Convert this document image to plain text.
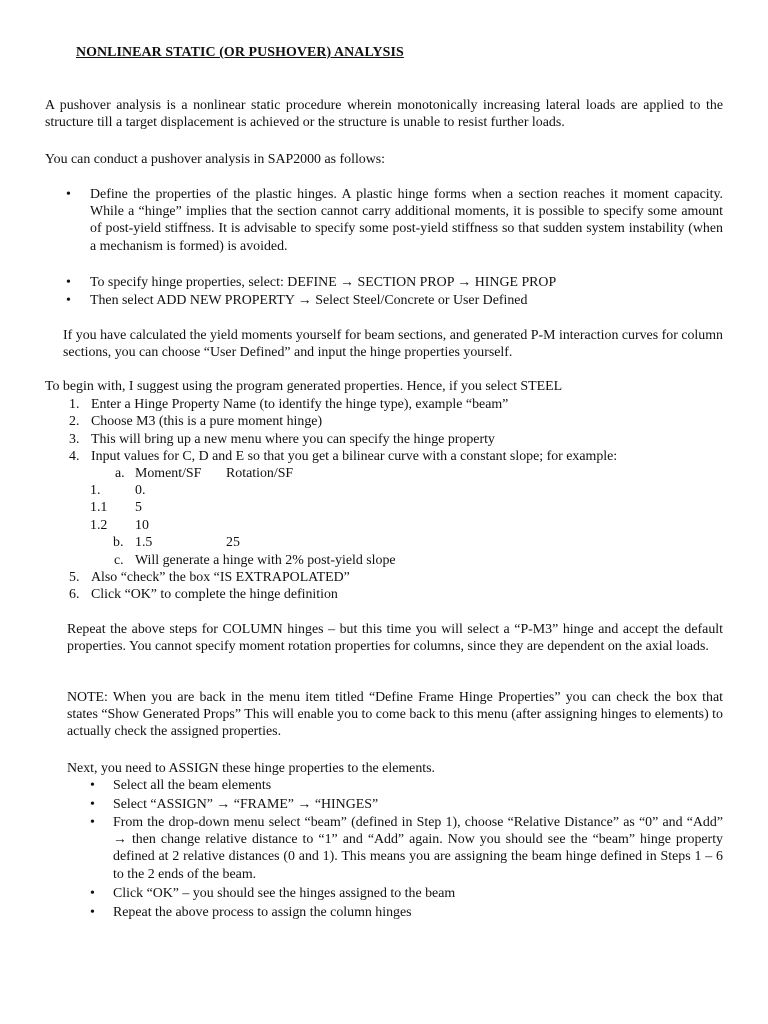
NONLINEAR STATIC (OR PUSHOVER) ANALYSIS

A pushover analysis is a nonlinear static procedure wherein monotonically increasing lateral loads are applied to the structure till a target displacement is achieved or the structure is unable to resist further loads.

You can conduct a pushover analysis in SAP2000 as follows:

• Define the properties of the plastic hinges. A plastic hinge forms when a section reaches it moment capacity. While a “hinge” implies that the section cannot carry additional moments, it is possible to specify some amount of post-yield stiffness. It is advisable to specify some post-yield stiffness so that sudden system instability (when a mechanism is formed) is avoided.

• To specify hinge properties, select: DEFINE → SECTION PROP → HINGE PROP

• Then select ADD NEW PROPERTY → Select Steel/Concrete or User Defined

If you have calculated the yield moments yourself for beam sections, and generated P-M interaction curves for column sections, you can choose “User Defined” and input the hinge properties yourself.

To begin with, I suggest using the program generated properties. Hence, if you select STEEL

1. Enter a Hinge Property Name (to identify the hinge type), example “beam”
2. Choose M3 (this is a pure moment hinge)
3. This will bring up a new menu where you can specify the hinge property
4. Input values for C, D and E so that you get a bilinear curve with a constant slope; for example:
a. Moment/SF Rotation/SF
1. 0.
1.1 5
1.2 10
b. 1.5	25
c. Will generate a hinge with 2% post-yield slope
5. Also “check” the box “IS EXTRAPOLATED”
6. Click “OK” to complete the hinge definition

Repeat the above steps for COLUMN hinges – but this time you will select a “P-M3” hinge and accept the default properties. You cannot specify moment rotation properties for columns, since they are dependent on the axial loads.

NOTE: When you are back in the menu item titled “Define Frame Hinge Properties” you can check the box that states “Show Generated Props” This will enable you to come back to this menu (after assigning hinges to elements) to actually check the assigned properties.

Next, you need to ASSIGN these hinge properties to the elements.

• Select all the beam elements
• Select “ASSIGN” → “FRAME” → “HINGES”

• From the drop-down menu select “beam” (defined in Step 1), choose “Relative Distance” as “0” and “Add” → then change relative distance to “1” and “Add” again. Now you should see the “beam” hinge property defined at 2 relative distances (0 and 1). This means you are assigning the beam hinge defined in Steps 1 – 6 to the 2 ends of the beam.

• Click “OK” – you should see the hinges assigned to the beam
• Repeat the above process to assign the column hinges
